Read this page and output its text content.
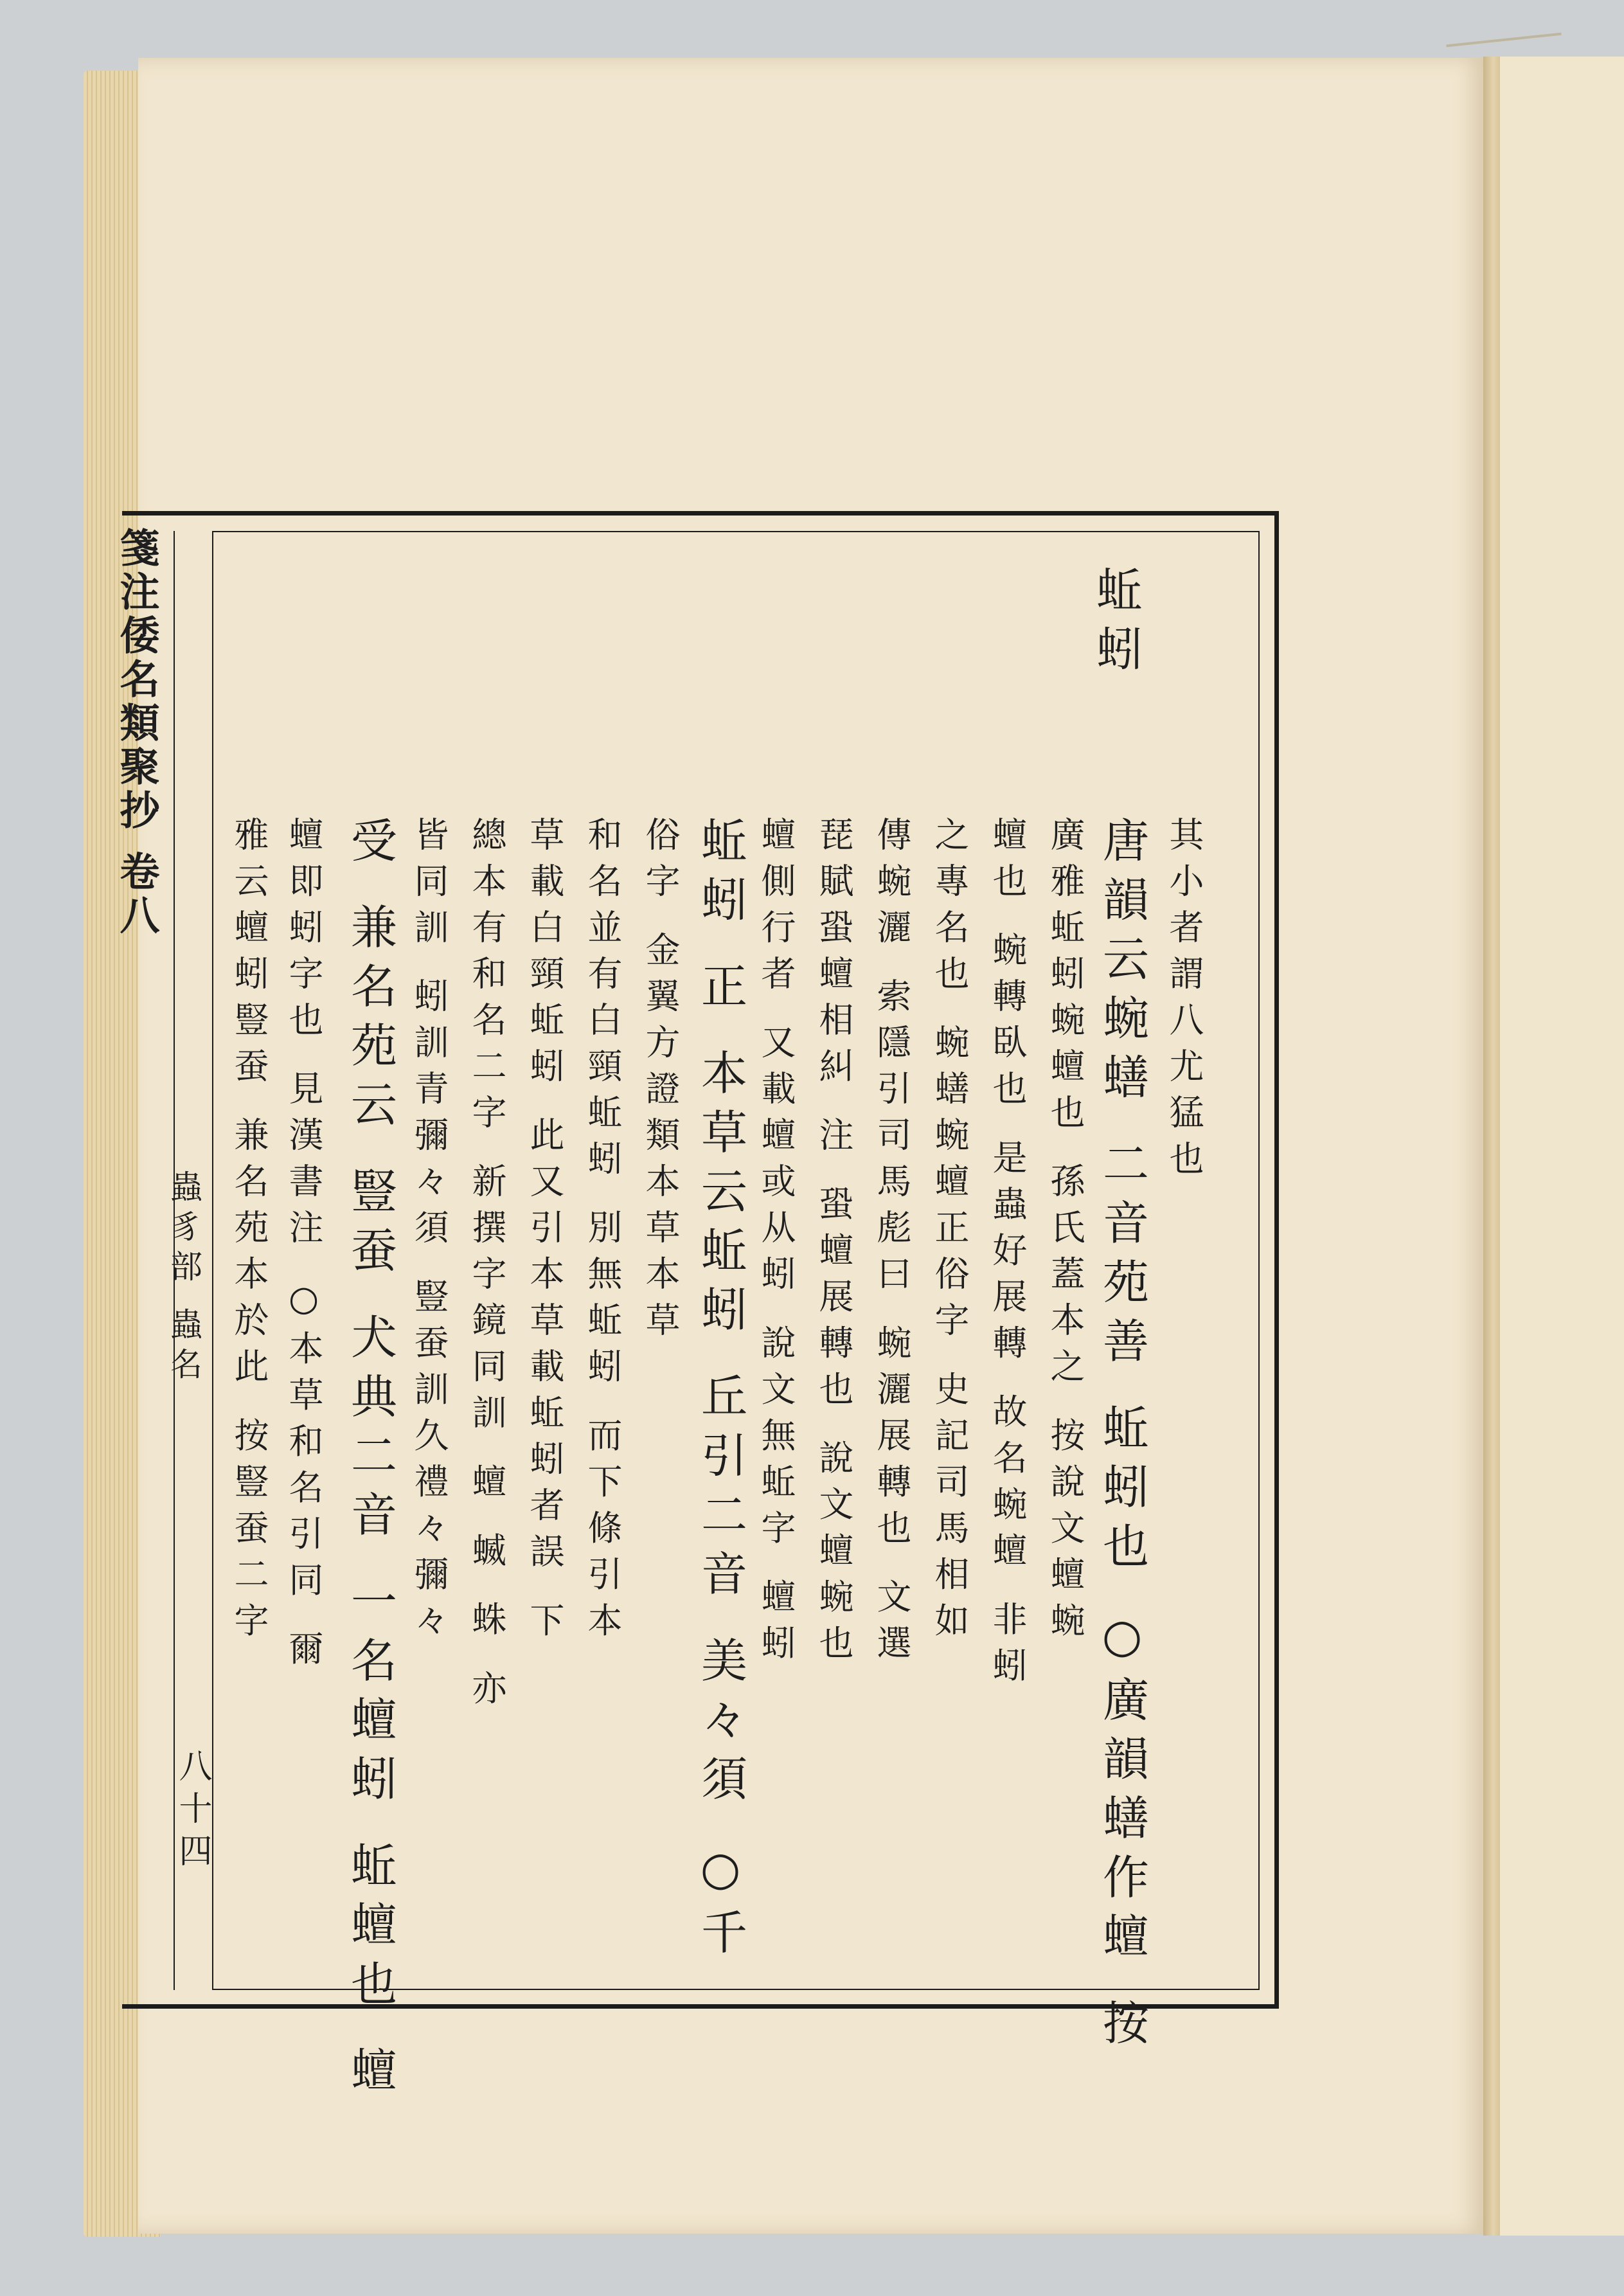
箋注倭名類聚抄 卷八
蟲豸部 蟲名
八十四
蚯蚓
其小者謂八尤猛也
唐韻云蜿蟮 二音苑善 蚯蚓也 ○廣韻蟮作蟺 按
廣雅蚯蚓蜿蟺也 孫氏蓋本之 按說文蟺蜿
蟺也 蜿轉臥也 是蟲好展轉 故名蜿蟺 非蚓
之專名也 蜿蟮蜿蟺正俗字 史記司馬相如
傳蜿灑 索隱引司馬彪曰 蜿灑展轉也 文選
琵賦蛩蟺相糾 注 蛩蟺展轉也 說文蟺蜿也
蟺側行者 又載蟺或从蚓 說文無蚯字 蟺蚓
蚯蚓 正 本草云蚯蚓 丘引二音 美々須 ○千
俗字 金翼方證類本草本草
和名並有白頸蚯蚓 別無蚯蚓 而下條引本
草載白頸蚯蚓 此又引本草載蚯蚓者誤 下
總本有和名二字 新撰字鏡同訓 蟺 蝛 蛛 亦
皆同訓 蚓訓青彌々須 豎蚕訓久禮々彌々
受 兼名苑云 豎蚕 犬典二音 一名蟺蚓 蚯蟺也 蟺
蟺即蚓字也 見漢書注 ○本草和名引同 爾
雅云蟺蚓豎蚕 兼名苑本於此 按豎蚕二字
